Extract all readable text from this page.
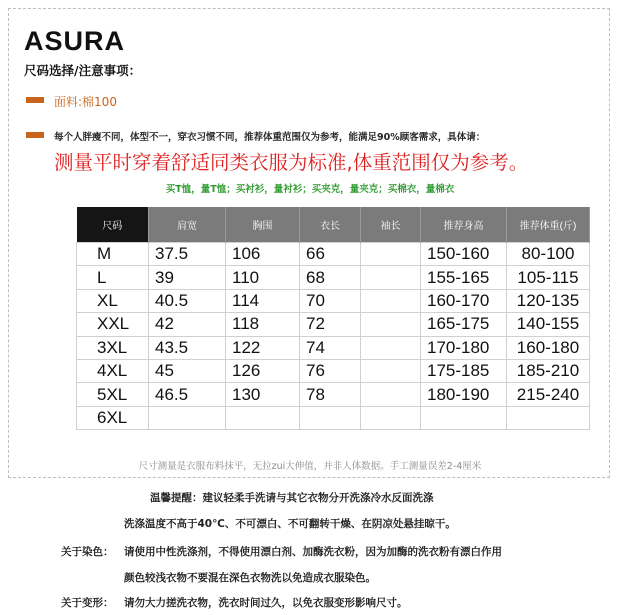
ASURA
尺码选择/注意事项：
面料:棉100
每个人胖瘦不同，体型不一，穿衣习惯不同，推荐体重范围仅为参考，能满足90%顾客需求，具体请：
测量平时穿着舒适同类衣服为标准,体重范围仅为参考。
买T恤，量T恤；买衬衫，量衬衫；买夹克，量夹克；买棉衣，量棉衣
尺码	肩宽	胸围	衣长	袖长	推荐身高	推荐体重(斤)
M	37.5	106	66		150-160	80-100
L	39	110	68		155-165	105-115
XL	40.5	114	70		160-170	120-135
XXL	42	118	72		165-175	140-155
3XL	43.5	122	74		170-180	160-180
4XL	45	126	76		175-185	185-210
5XL	46.5	130	78		180-190	215-240
6XL						
尺寸测量是衣服布料抹平，无拉zui大伸值，并非人体数据。手工测量误差2-4厘米
温馨提醒：建议轻柔手洗请与其它衣物分开洗涤冷水反面洗涤
洗涤温度不高于40℃、不可漂白、不可翻转干燥、在阴凉处悬挂晾干。
关于染色： 请使用中性洗涤剂，不得使用漂白剂、加酶洗衣粉，因为加酶的洗衣粉有漂白作用
颜色较浅衣物不要混在深色衣物洗以免造成衣服染色。
关于变形： 请勿大力搓洗衣物，洗衣时间过久，以免衣服变形影响尺寸。
